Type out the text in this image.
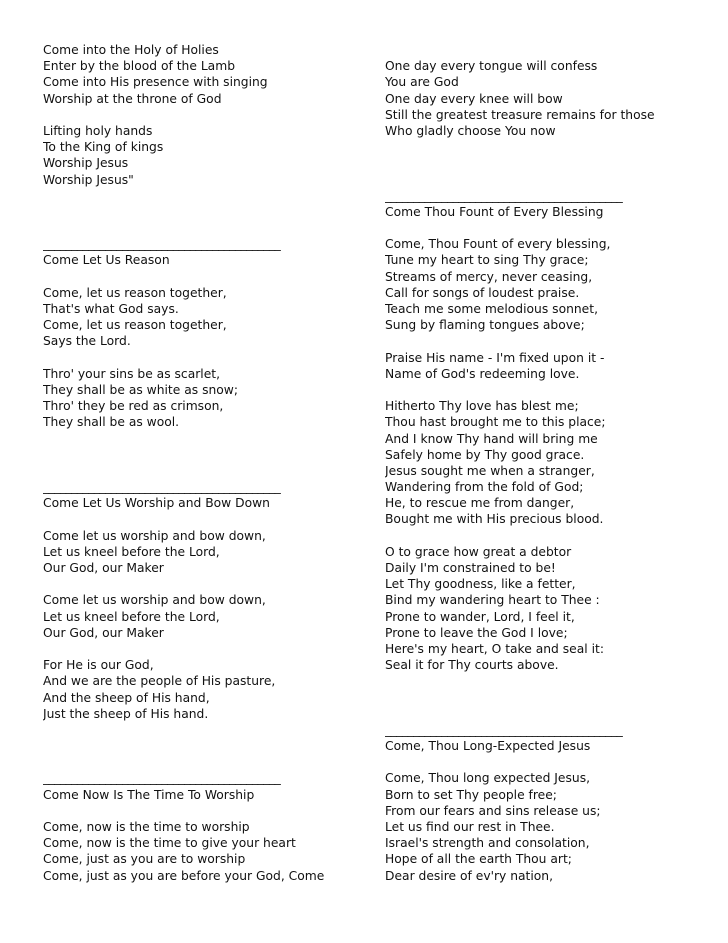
Come into the Holy of Holies
Enter by the blood of the Lamb
Come into His presence with singing
Worship at the throne of God
Lifting holy hands
To the King of kings
Worship Jesus
Worship Jesus"
__________________________________________
Come Let Us Reason
Come, let us reason together,
That's what God says.
Come, let us reason together,
Says the Lord.
Thro' your sins be as scarlet,
They shall be as white as snow;
Thro' they be red as crimson,
They shall be as wool.
__________________________________________
Come Let Us Worship and Bow Down
Come let us worship and bow down,
Let us kneel before the Lord,
Our God, our Maker
Come let us worship and bow down,
Let us kneel before the Lord,
Our God, our Maker
For He is our God,
And we are the people of His pasture,
And the sheep of His hand,
Just the sheep of His hand.
__________________________________________
Come Now Is The Time To Worship
Come, now is the time to worship
Come, now is the time to give your heart
Come, just as you are to worship
Come, just as you are before your God, Come
One day every tongue will confess
You are God
One day every knee will bow
Still the greatest treasure remains for those
Who gladly choose You now
__________________________________________
Come Thou Fount of Every Blessing
Come, Thou Fount of every blessing,
Tune my heart to sing Thy grace;
Streams of mercy, never ceasing,
Call for songs of loudest praise.
Teach me some melodious sonnet,
Sung by flaming tongues above;
Praise His name - I'm fixed upon it -
Name of God's redeeming love.
Hitherto Thy love has blest me;
Thou hast brought me to this place;
And I know Thy hand will bring me
Safely home by Thy good grace.
Jesus sought me when a stranger,
Wandering from the fold of God;
He, to rescue me from danger,
Bought me with His precious blood.
O to grace how great a debtor
Daily I'm constrained to be!
Let Thy goodness, like a fetter,
Bind my wandering heart to Thee :
Prone to wander, Lord, I feel it,
Prone to leave the God I love;
Here's my heart, O take and seal it:
Seal it for Thy courts above.
__________________________________________
Come, Thou Long-Expected Jesus
Come, Thou long expected Jesus,
Born to set Thy people free;
From our fears and sins release us;
Let us find our rest in Thee.
Israel's strength and consolation,
Hope of all the earth Thou art;
Dear desire of ev'ry nation,
